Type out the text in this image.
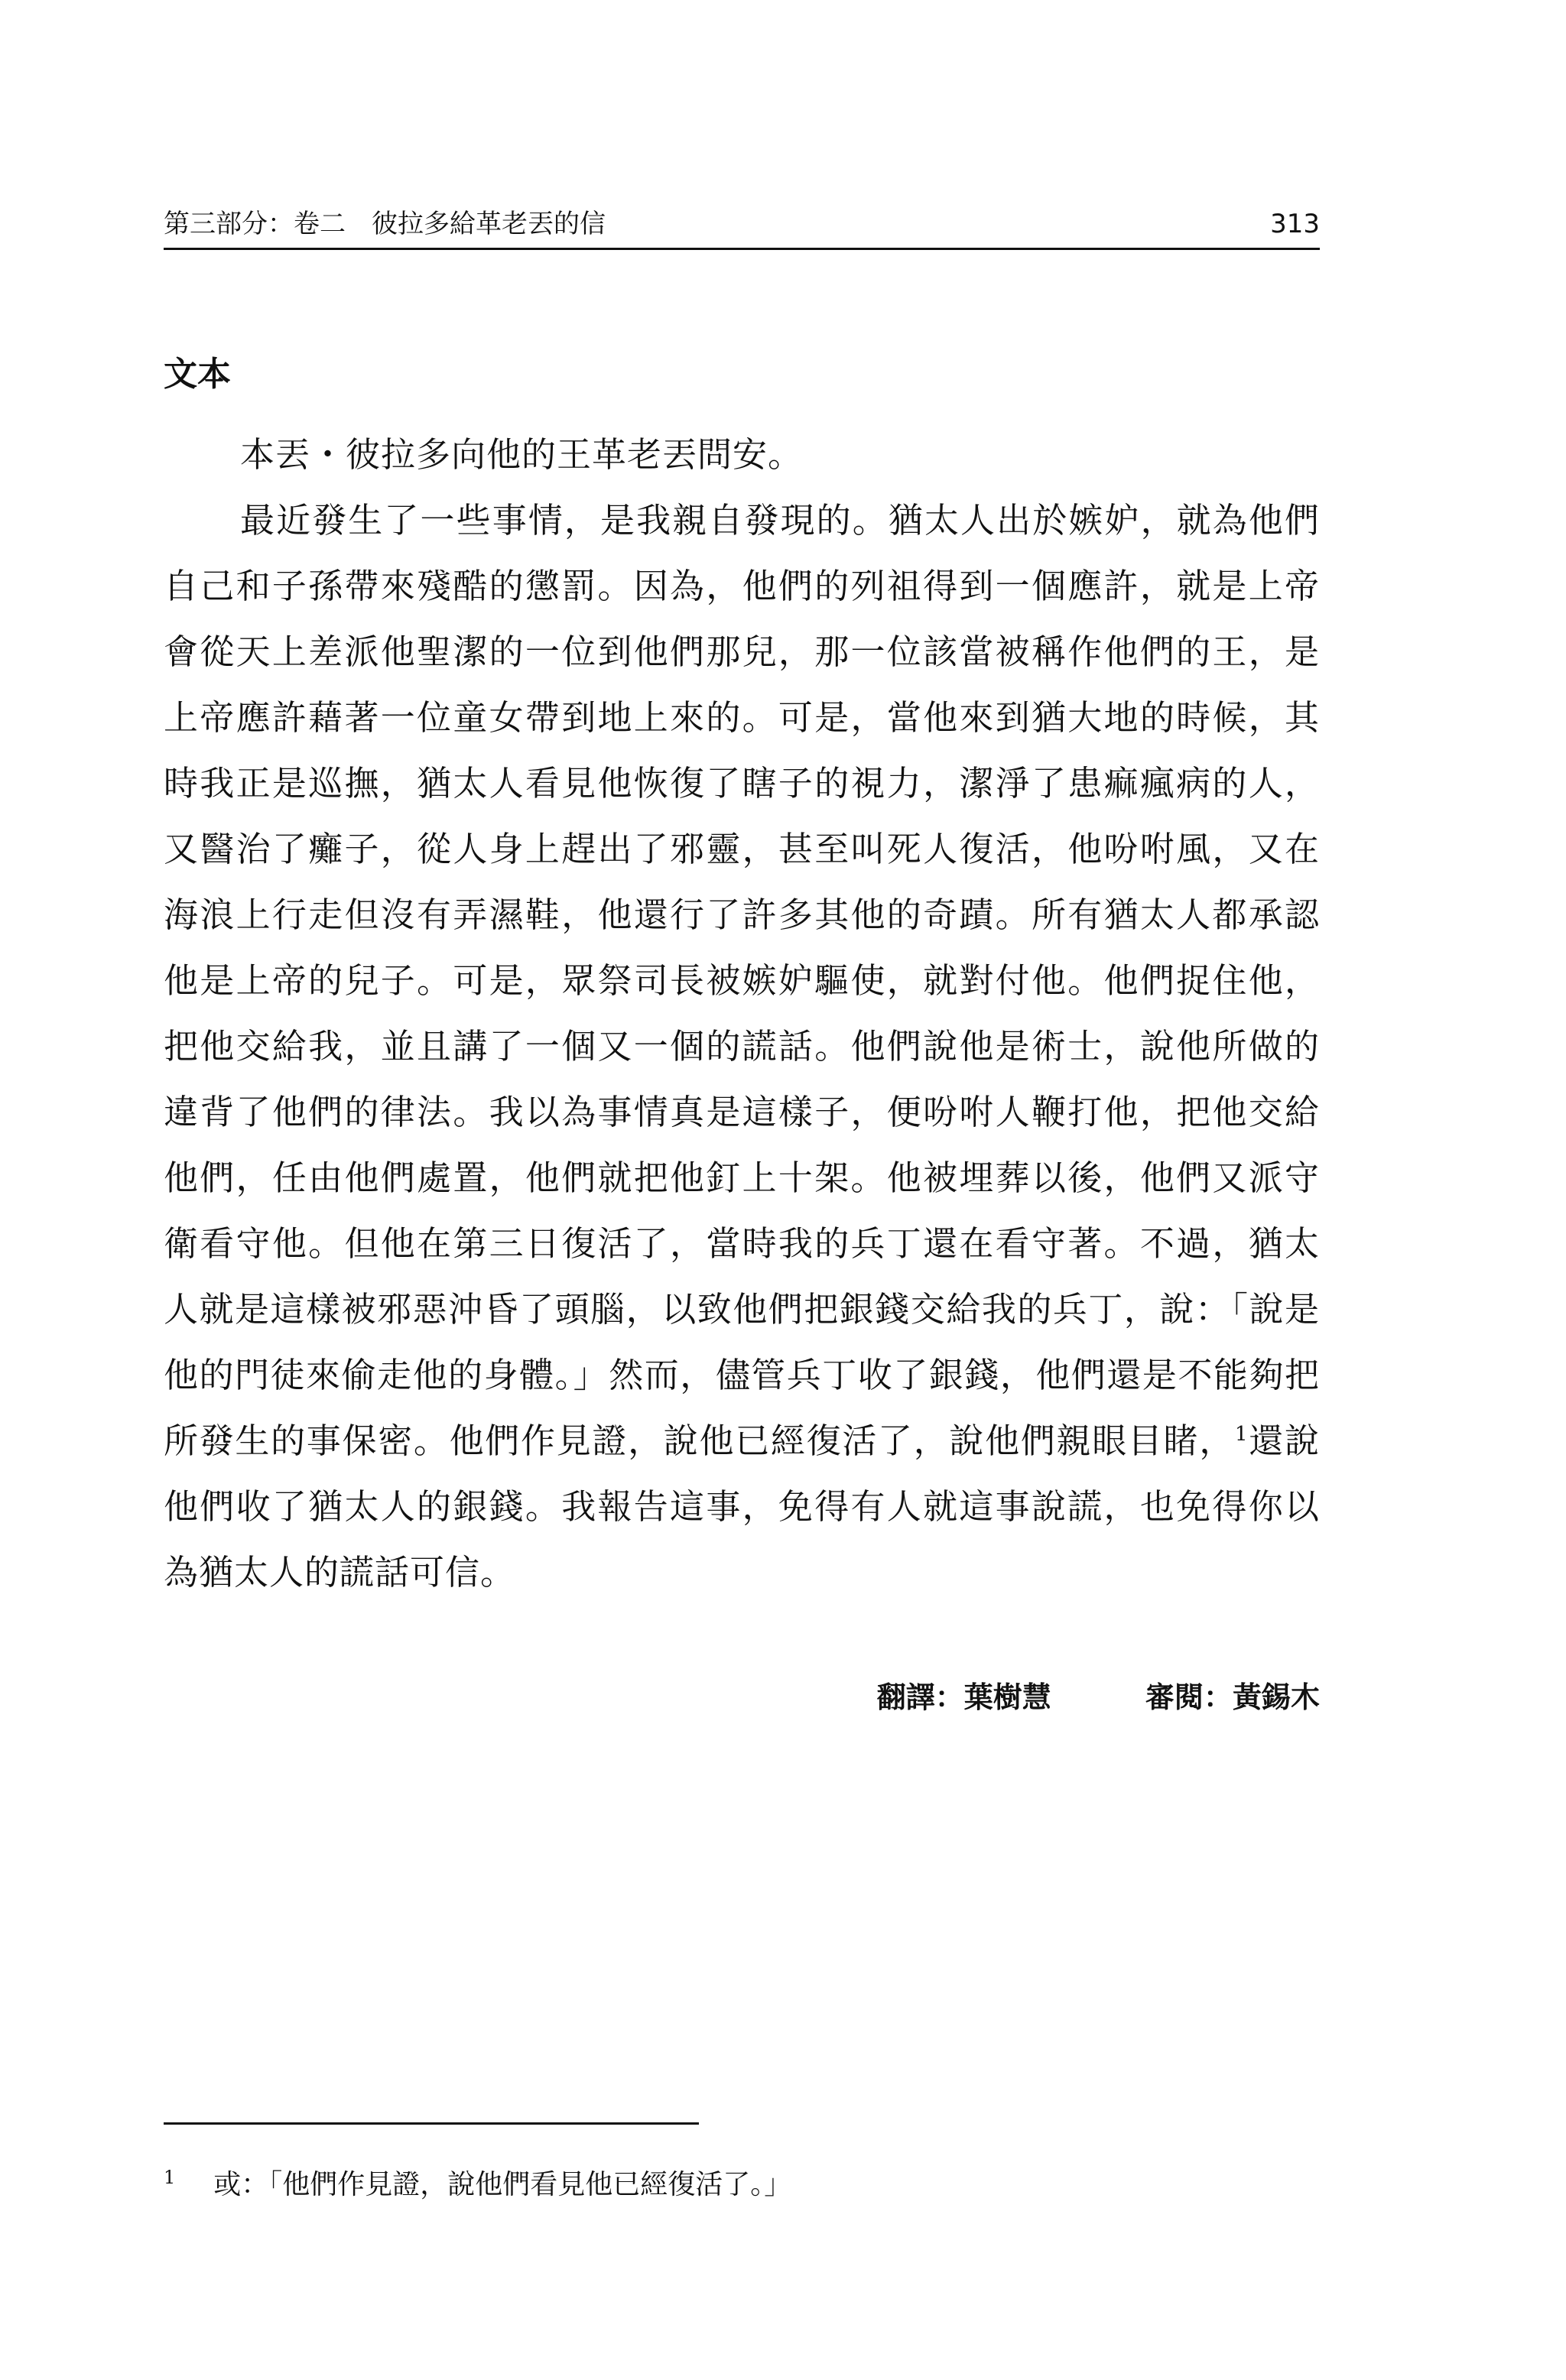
第三部分：卷二　彼拉多給革老丟的信	313
文本

本丟・彼拉多向他的王革老丟問安。

最近發生了一些事情，是我親自發現的。猶太人出於嫉妒，就為他們自己和子孫帶來殘酷的懲罰。因為，他們的列祖得到一個應許，就是上帝會從天上差派他聖潔的一位到他們那兒，那一位該當被稱作他們的王，是上帝應許藉著一位童女帶到地上來的。可是，當他來到猶大地的時候，其時我正是巡撫，猶太人看見他恢復了瞎子的視力，潔淨了患痲瘋病的人，又醫治了癱子，從人身上趕出了邪靈，甚至叫死人復活，他吩咐風，又在海浪上行走但沒有弄濕鞋，他還行了許多其他的奇蹟。所有猶太人都承認他是上帝的兒子。可是，眾祭司長被嫉妒驅使，就對付他。他們捉住他，把他交給我，並且講了一個又一個的謊話。他們說他是術士，說他所做的違背了他們的律法。我以為事情真是這樣子，便吩咐人鞭打他，把他交給他們，任由他們處置，他們就把他釘上十架。他被埋葬以後，他們又派守衛看守他。但他在第三日復活了，當時我的兵丁還在看守著。不過，猶太人就是這樣被邪惡沖昏了頭腦，以致他們把銀錢交給我的兵丁，說：「說是他的門徒來偷走他的身體。」然而，儘管兵丁收了銀錢，他們還是不能夠把所發生的事保密。他們作見證，說他已經復活了，說他們親眼目睹，$^1$還說他們收了猶太人的銀錢。我報告這事，免得有人就這事說謊，也免得你以為猶太人的謊話可信。

翻譯：葉樹慧	審閱：黃錫木
1 或：「他們作見證，說他們看見他已經復活了。」
